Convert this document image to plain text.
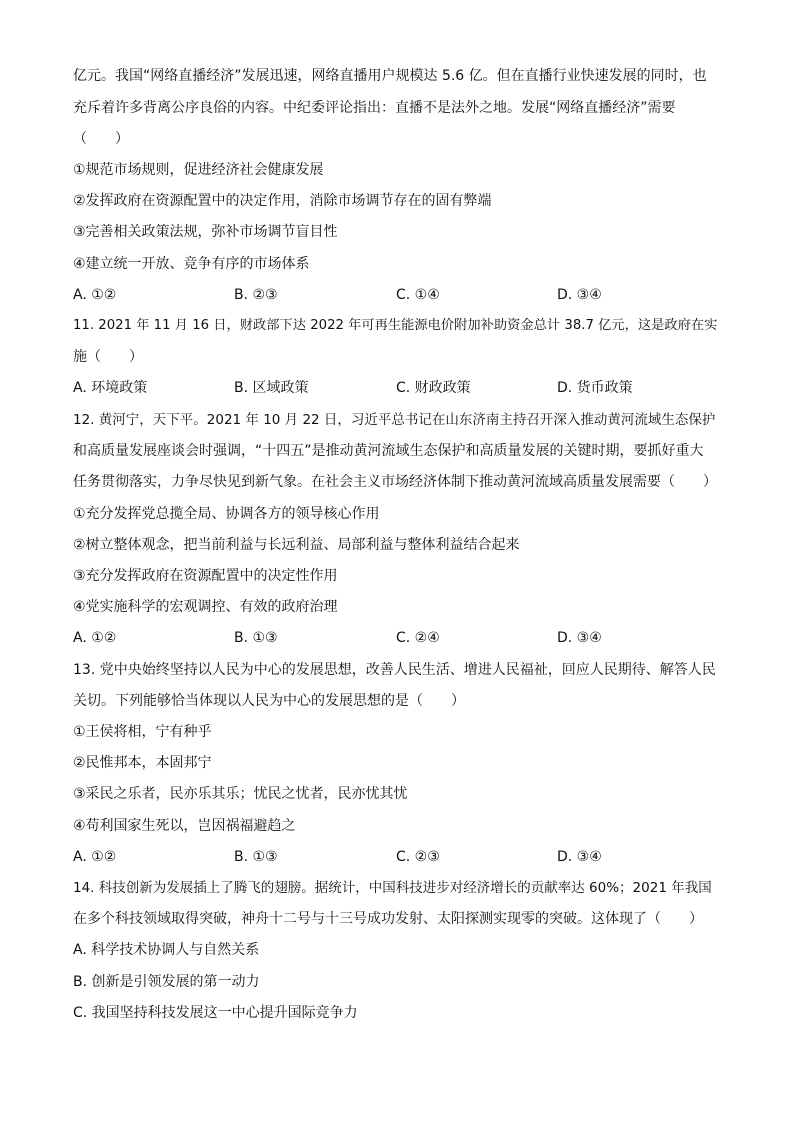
亿元。我国“网络直播经济”发展迅速，网络直播用户规模达 5.6 亿。但在直播行业快速发展的同时，也
充斥着许多背离公序良俗的内容。中纪委评论指出：直播不是法外之地。发展“网络直播经济”需要
（　　）
①规范市场规则，促进经济社会健康发展
②发挥政府在资源配置中的决定作用，消除市场调节存在的固有弊端
③完善相关政策法规，弥补市场调节盲目性
④建立统一开放、竞争有序的市场体系
A. ①②	B. ②③	C. ①④	D. ③④
11. 2021 年 11 月 16 日，财政部下达 2022 年可再生能源电价附加补助资金总计 38.7 亿元，这是政府在实
施（　　）
A. 环境政策	B. 区域政策	C. 财政政策	D. 货币政策
12. 黄河宁，天下平。2021 年 10 月 22 日，习近平总书记在山东济南主持召开深入推动黄河流域生态保护
和高质量发展座谈会时强调，“十四五”是推动黄河流域生态保护和高质量发展的关键时期，要抓好重大
任务贯彻落实，力争尽快见到新气象。在社会主义市场经济体制下推动黄河流域高质量发展需要（　　）
①充分发挥党总揽全局、协调各方的领导核心作用
②树立整体观念，把当前利益与长远利益、局部利益与整体利益结合起来
③充分发挥政府在资源配置中的决定性作用
④党实施科学的宏观调控、有效的政府治理
A. ①②	B. ①③	C. ②④	D. ③④
13. 党中央始终坚持以人民为中心的发展思想，改善人民生活、增进人民福祉，回应人民期待、解答人民
关切。下列能够恰当体现以人民为中心的发展思想的是（　　）
①王侯将相，宁有种乎
②民惟邦本，本固邦宁
③采民之乐者，民亦乐其乐；忧民之忧者，民亦忧其忧
④苟利国家生死以，岂因祸福避趋之
A. ①②	B. ①③	C. ②③	D. ③④
14. 科技创新为发展插上了腾飞的翅膀。据统计，中国科技进步对经济增长的贡献率达 60%；2021 年我国
在多个科技领域取得突破，神舟十二号与十三号成功发射、太阳探测实现零的突破。这体现了（　　）
A. 科学技术协调人与自然关系
B. 创新是引领发展的第一动力
C. 我国坚持科技发展这一中心提升国际竞争力
